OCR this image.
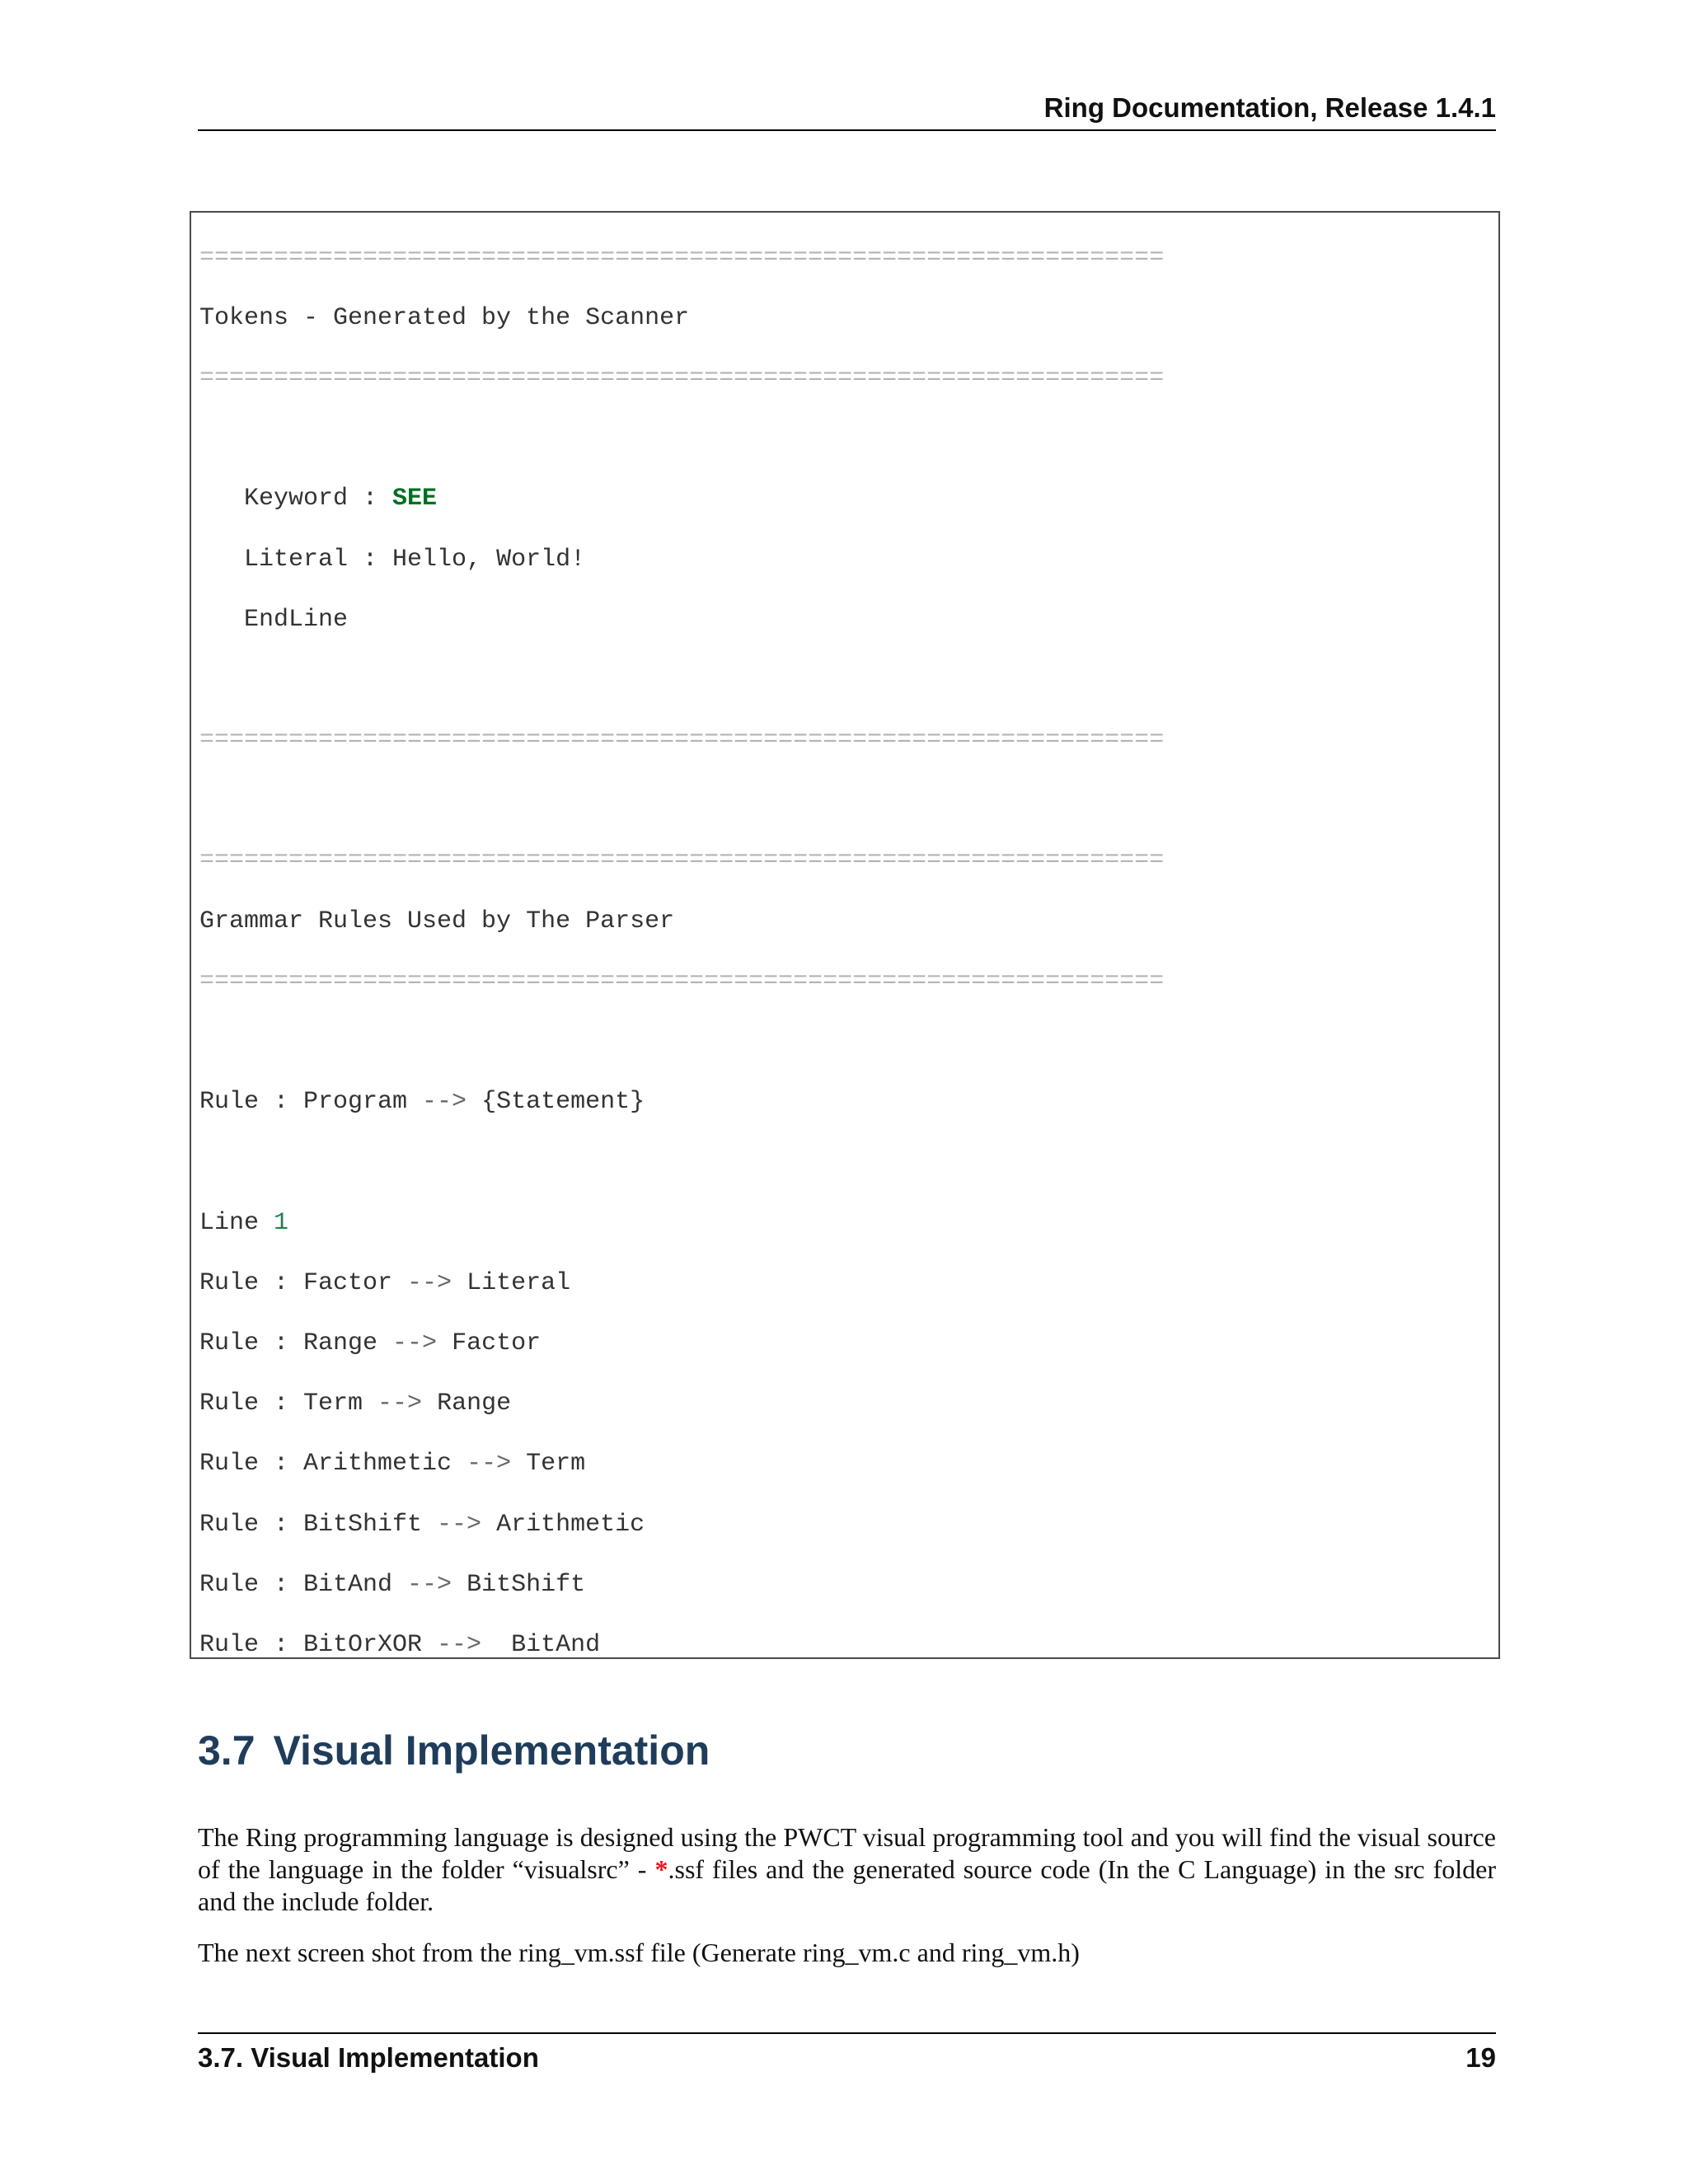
Ring Documentation, Release 1.4.1

=================================================================

Tokens - Generated by the Scanner

=================================================================

Keyword : SEE

Literal : Hello, World!

EndLine

=================================================================

=================================================================

Grammar Rules Used by The Parser

=================================================================

Rule : Program --> {Statement}

Line 1

Rule : Factor --> Literal

Rule : Range --> Factor

Rule : Term --> Range

Rule : Arithmetic --> Term

Rule : BitShift --> Arithmetic

Rule : BitAnd --> BitShift

Rule : BitOrXOR -->  BitAnd

3.7 Visual Implementation

The Ring programming language is designed using the PWCT visual programming tool and you will find the visual source of the language in the folder “visualsrc” - *.ssf files and the generated source code (In the C Language) in the src folder and the include folder.

The next screen shot from the ring_vm.ssf file (Generate ring_vm.c and ring_vm.h)

3.7. Visual Implementation	19
